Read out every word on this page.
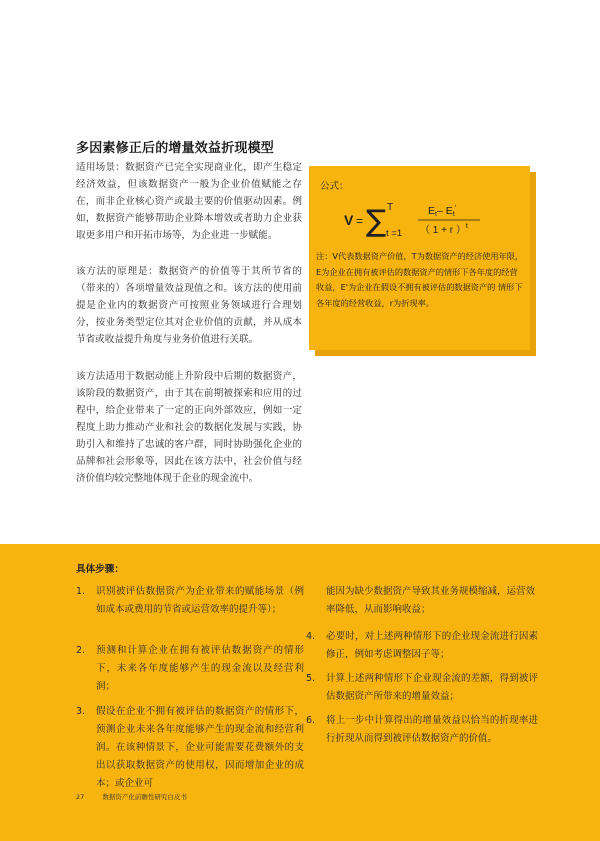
多因素修正后的增量效益折现模型
适用场景：数据资产已完全实现商业化，即产生稳定经济效益，但该数据资产一般为企业价值赋能之存在，而非企业核心资产或最主要的价值驱动因素。例如，数据资产能够帮助企业降本增效或者助力企业获取更多用户和开拓市场等，为企业进一步赋能。
该方法的原理是：数据资产的价值等于其所节省的（带来的）各项增量效益现值之和。该方法的使用前提是企业内的数据资产可按照业务领域进行合理划分，按业务类型定位其对企业价值的贡献，并从成本节省或收益提升角度与业务价值进行关联。
该方法适用于数据动能上升阶段中后期的数据资产，该阶段的数据资产，由于其在前期被探索和应用的过程中，给企业带来了一定的正向外部效应，例如一定程度上助力推动产业和社会的数据化发展与实践，协助引入和维持了忠诚的客户群，同时协助强化企业的品牌和社会形象等，因此在该方法中，社会价值与经济价值均较完整地体现于企业的现金流中。
公式：
V = ∑ T
t =1
Et– Et'
（ 1 + r ）$^t$
注：V代表数据资产价值，T为数据资产的经济使用年限，E为企业在拥有被评估的数据资产的情形下各年度的经营收益，E'为企业在假设不拥有被评估的数据资产的 情形下各年度的经营收益，r为折现率。
具体步骤：
1. 识别被评估数据资产为企业带来的赋能场景（例如成本或费用的节省或运营效率的提升等）；
2. 预测和计算企业在拥有被评估数据资产的情形下，未来各年度能够产生的现金流以及经营利润；
3. 假设在企业不拥有被评估的数据资产的情形下，预测企业未来各年度能够产生的现金流和经营利润。在该种情景下，企业可能需要花费额外的支出以获取数据资产的使用权，因而增加企业的成本；或企业可
能因为缺少数据资产导致其业务规模缩减，运营效率降低，从而影响收益；
4. 必要时，对上述两种情形下的企业现金流进行因素修正，例如考虑调整因子等；
5. 计算上述两种情形下企业现金流的差额，得到被评估数据资产所带来的增量效益；
6. 将上一步中计算得出的增量效益以恰当的折现率进行折现从而得到被评估数据资产的价值。
27	数据资产化前瞻性研究白皮书
